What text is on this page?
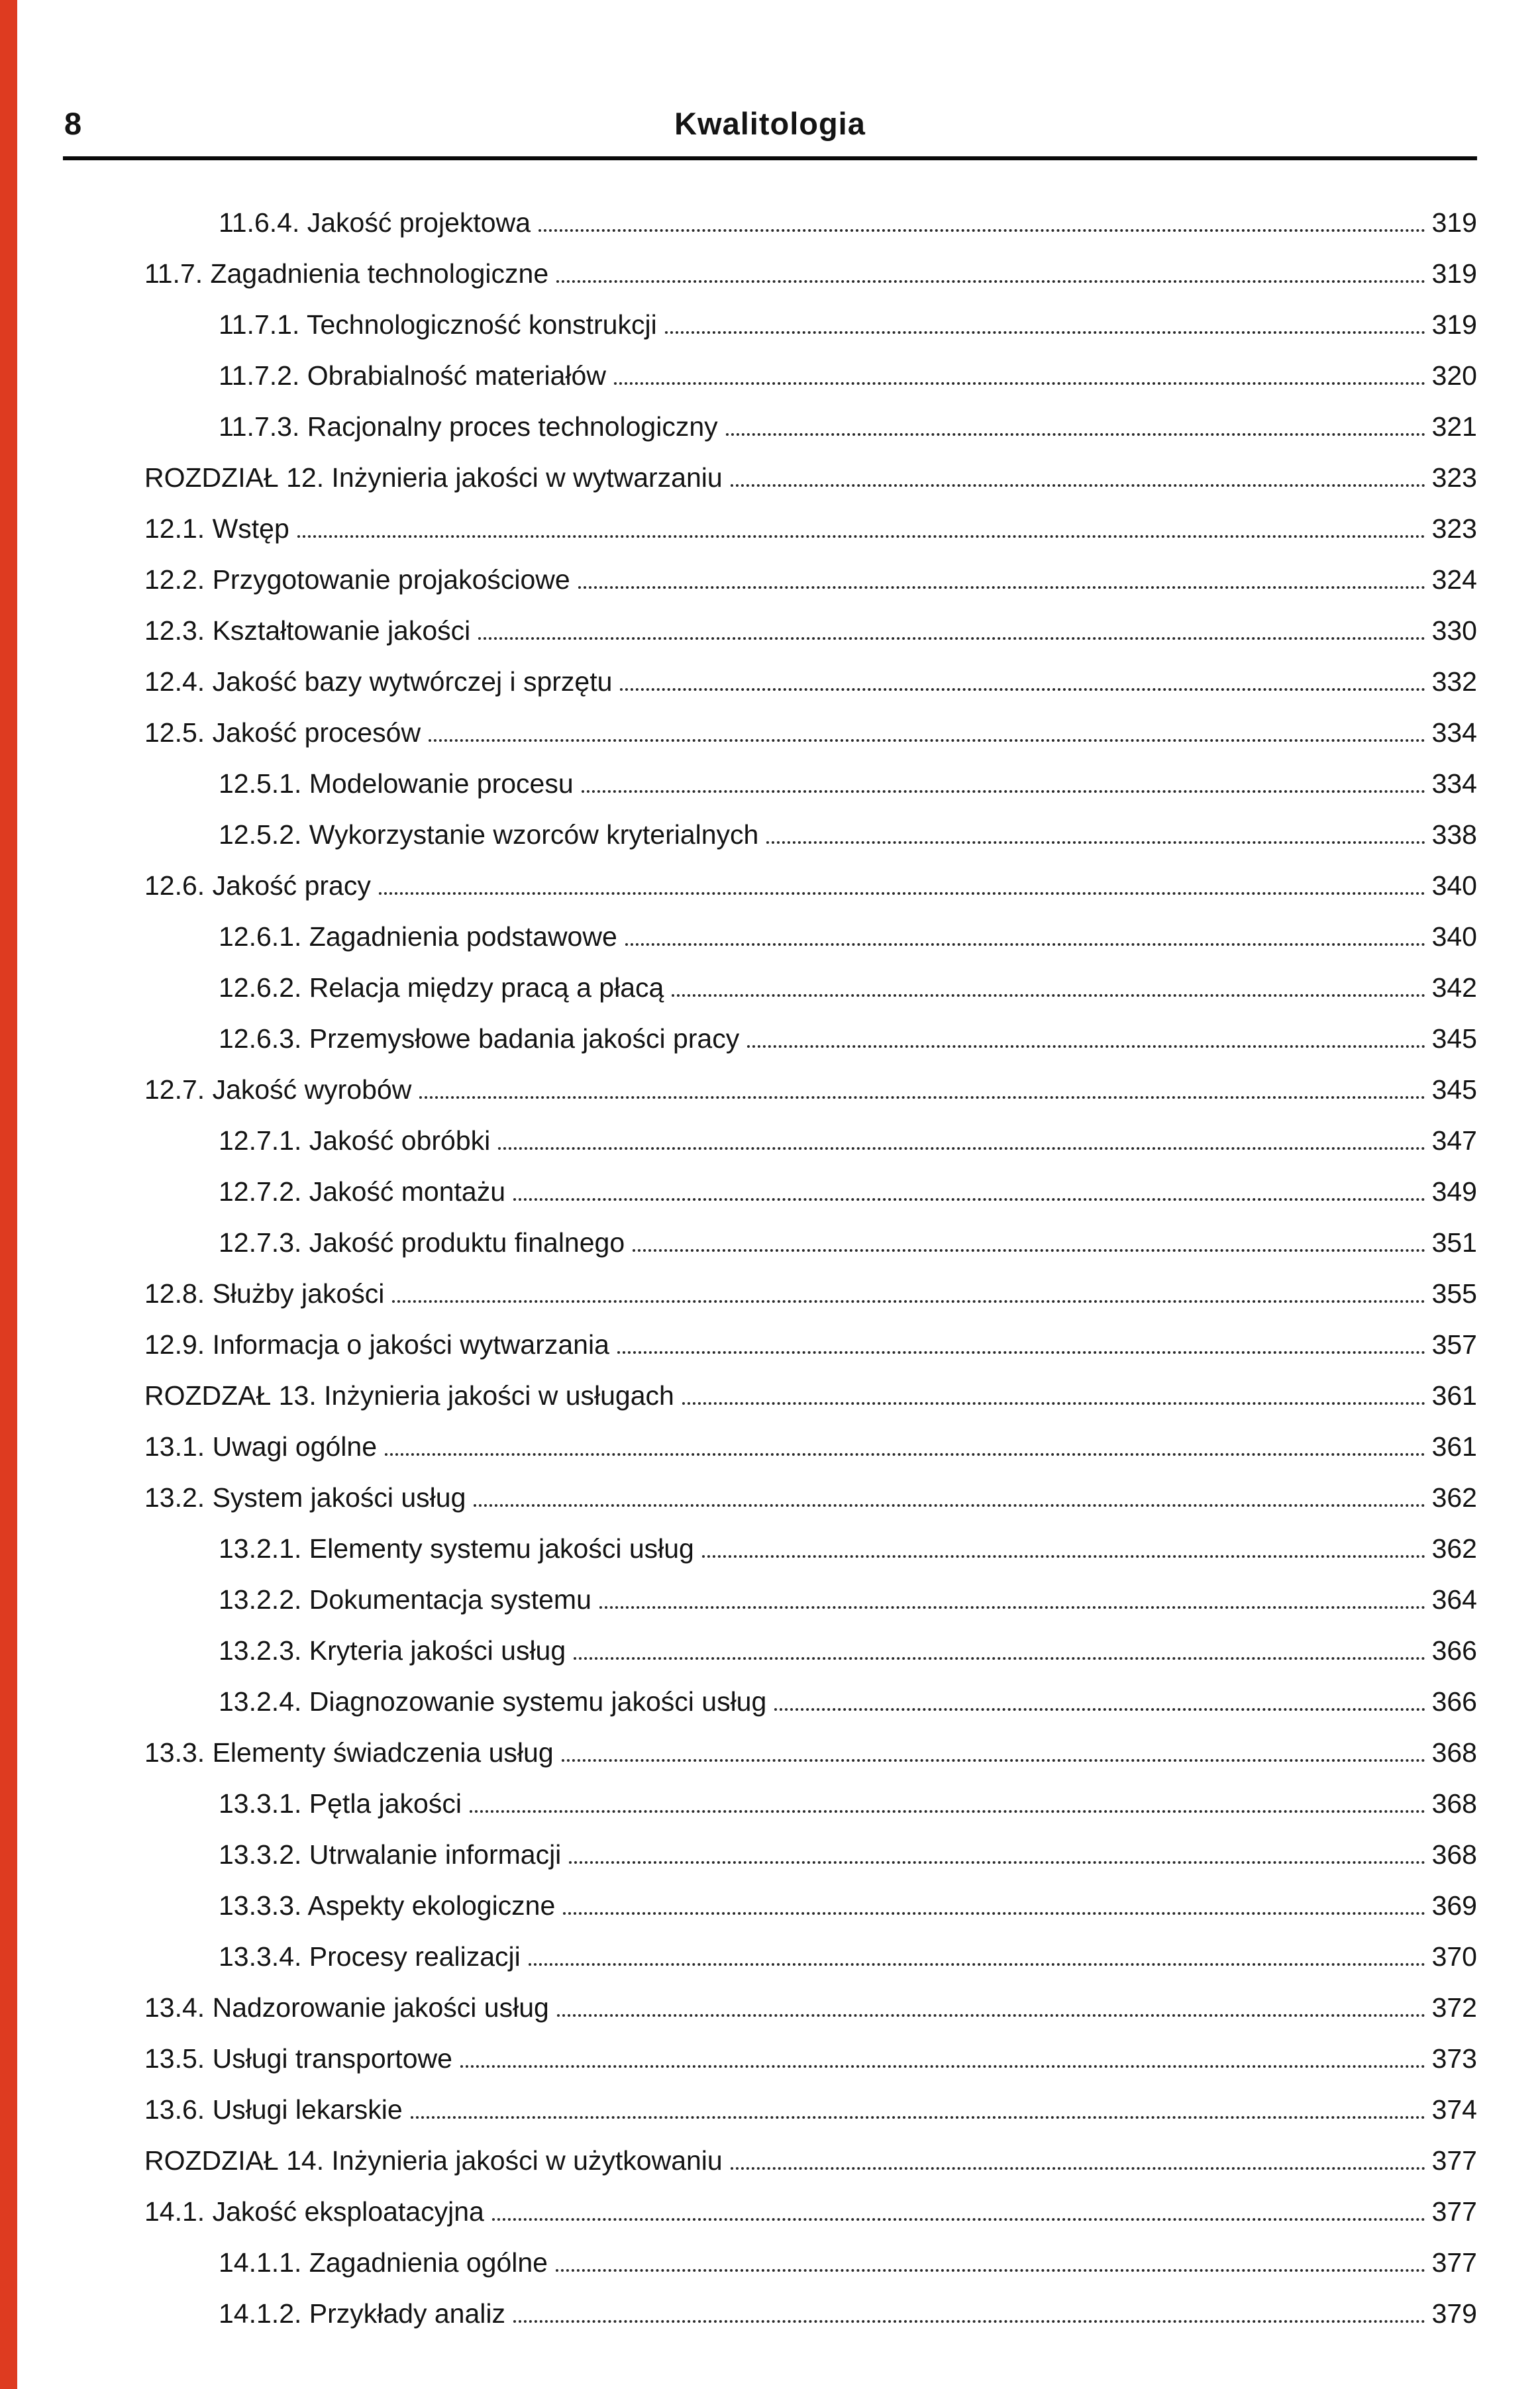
8	Kwalitologia
11.6.4. Jakość projektowa	319
11.7. Zagadnienia technologiczne	319
11.7.1. Technologiczność konstrukcji	319
11.7.2. Obrabialność materiałów	320
11.7.3. Racjonalny proces technologiczny	321
ROZDZIAŁ 12. Inżynieria jakości w wytwarzaniu	323
12.1. Wstęp	323
12.2. Przygotowanie projakościowe	324
12.3. Kształtowanie jakości	330
12.4. Jakość bazy wytwórczej i sprzętu	332
12.5. Jakość procesów	334
12.5.1. Modelowanie procesu	334
12.5.2. Wykorzystanie wzorców kryterialnych	338
12.6. Jakość pracy	340
12.6.1. Zagadnienia podstawowe	340
12.6.2. Relacja między pracą a płacą	342
12.6.3. Przemysłowe badania jakości pracy	345
12.7. Jakość wyrobów	345
12.7.1. Jakość obróbki	347
12.7.2. Jakość montażu	349
12.7.3. Jakość produktu finalnego	351
12.8. Służby jakości	355
12.9. Informacja o jakości wytwarzania	357
ROZDZAŁ 13. Inżynieria jakości w usługach	361
13.1. Uwagi ogólne	361
13.2. System jakości usług	362
13.2.1. Elementy systemu jakości usług	362
13.2.2. Dokumentacja systemu	364
13.2.3. Kryteria jakości usług	366
13.2.4. Diagnozowanie systemu jakości usług	366
13.3. Elementy świadczenia usług	368
13.3.1. Pętla jakości	368
13.3.2. Utrwalanie informacji	368
13.3.3. Aspekty ekologiczne	369
13.3.4. Procesy realizacji	370
13.4. Nadzorowanie jakości usług	372
13.5. Usługi transportowe	373
13.6. Usługi lekarskie	374
ROZDZIAŁ 14. Inżynieria jakości w użytkowaniu	377
14.1. Jakość eksploatacyjna	377
14.1.1. Zagadnienia ogólne	377
14.1.2. Przykłady analiz	379
